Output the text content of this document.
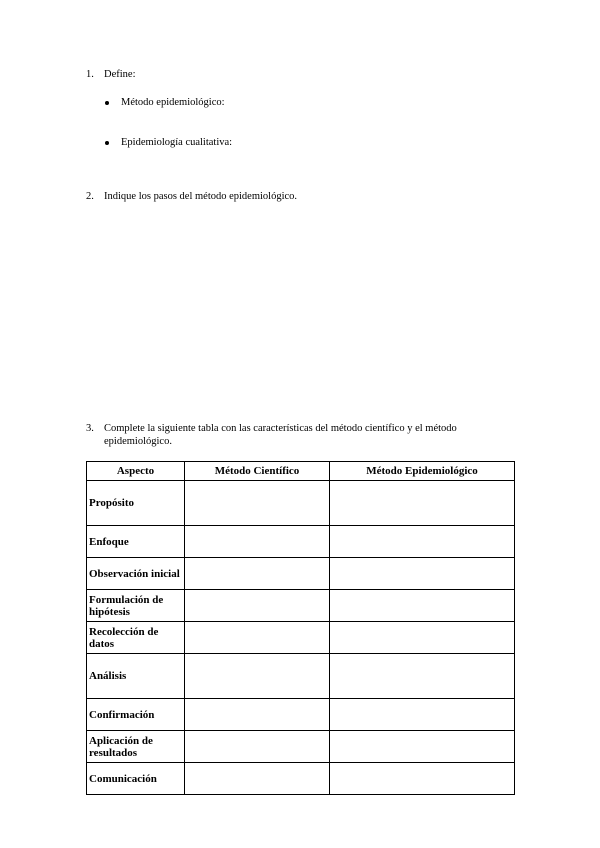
1. Define:
Método epidemiológico:
Epidemiología cualitativa:
2. Indique los pasos del método epidemiológico.
3. Complete la siguiente tabla con las características del método científico y el método
epidemiológico.
Aspecto	Método Científico	Método Epidemiológico
Propósito		
Enfoque		
Observación inicial		
Formulación de hipótesis		
Recolección de datos		
Análisis		
Confirmación		
Aplicación de resultados		
Comunicación		
